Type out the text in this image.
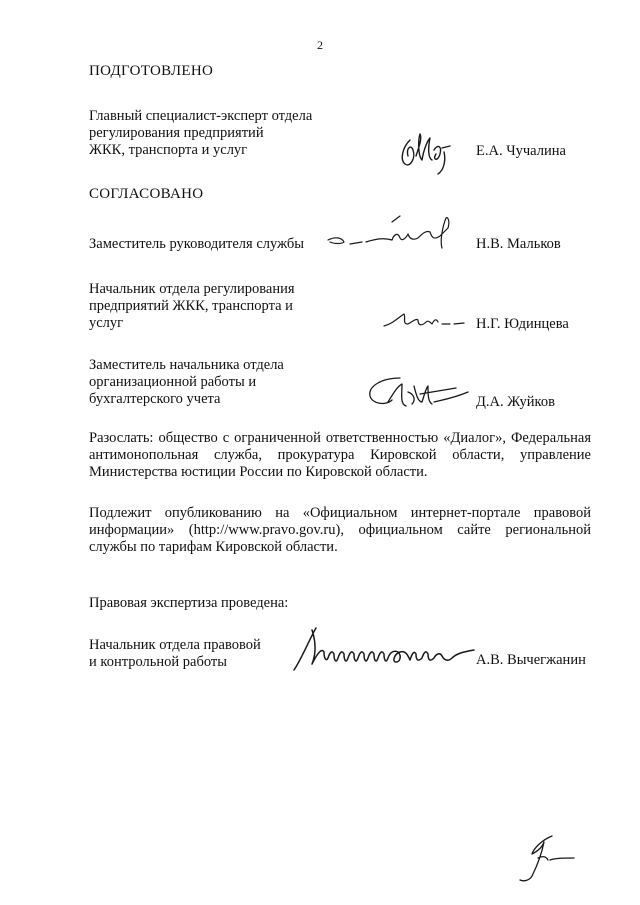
2
ПОДГОТОВЛЕНО
Главный специалист-эксперт отдела
регулирования предприятий
ЖКК, транспорта и услуг	Е.А. Чучалина
СОГЛАСОВАНО
Заместитель руководителя службы	Н.В. Мальков
Начальник отдела регулирования
предприятий ЖКК, транспорта и
услуг	Н.Г. Юдинцева
Заместитель начальника отдела
организационной работы и
бухгалтерского учета	Д.А. Жуйков
Разослать: общество с ограниченной ответственностью «Диалог», Федеральная антимонопольная служба, прокуратура Кировской области, управление Министерства юстиции России по Кировской области.
Подлежит опубликованию на «Официальном интернет-портале правовой информации» (http://www.pravo.gov.ru), официальном сайте региональной службы по тарифам Кировской области.
Правовая экспертиза проведена:
Начальник отдела правовой
и контрольной работы	А.В. Вычегжанин
